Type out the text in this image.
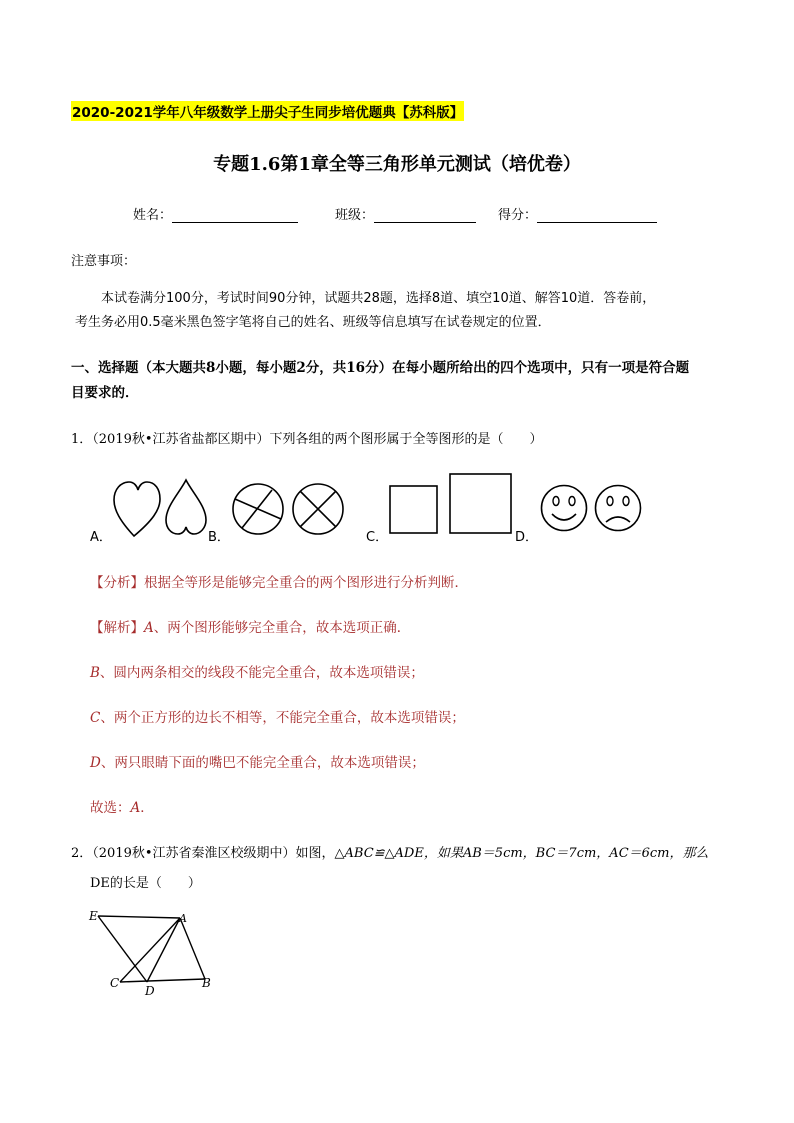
2020-2021学年八年级数学上册尖子生同步培优题典【苏科版】
专题1.6第1章全等三角形单元测试（培优卷）
姓名：	班级：	得分：
注意事项：
本试卷满分100分，考试时间90分钟，试题共28题，选择8道、填空10道、解答10道．答卷前，
考生务必用0.5毫米黑色签字笔将自己的姓名、班级等信息填写在试卷规定的位置．
一、选择题（本大题共8小题，每小题2分，共16分）在每小题所给出的四个选项中，只有一项是符合题
目要求的．
1．（2019秋•江苏省盐都区期中）下列各组的两个图形属于全等图形的是（　　）
A．	B．	C．	D．
【分析】根据全等形是能够完全重合的两个图形进行分析判断．
【解析】A、两个图形能够完全重合，故本选项正确．
B、圆内两条相交的线段不能完全重合，故本选项错误；
C、两个正方形的边长不相等，不能完全重合，故本选项错误；
D、两只眼睛下面的嘴巴不能完全重合，故本选项错误；
故选：A．
2．（2019秋•江苏省秦淮区校级期中）如图，△ABC≌△ADE，如果AB＝5cm，BC＝7cm，AC＝6cm，那么
DE的长是（　　）
E	A
C
D
B
